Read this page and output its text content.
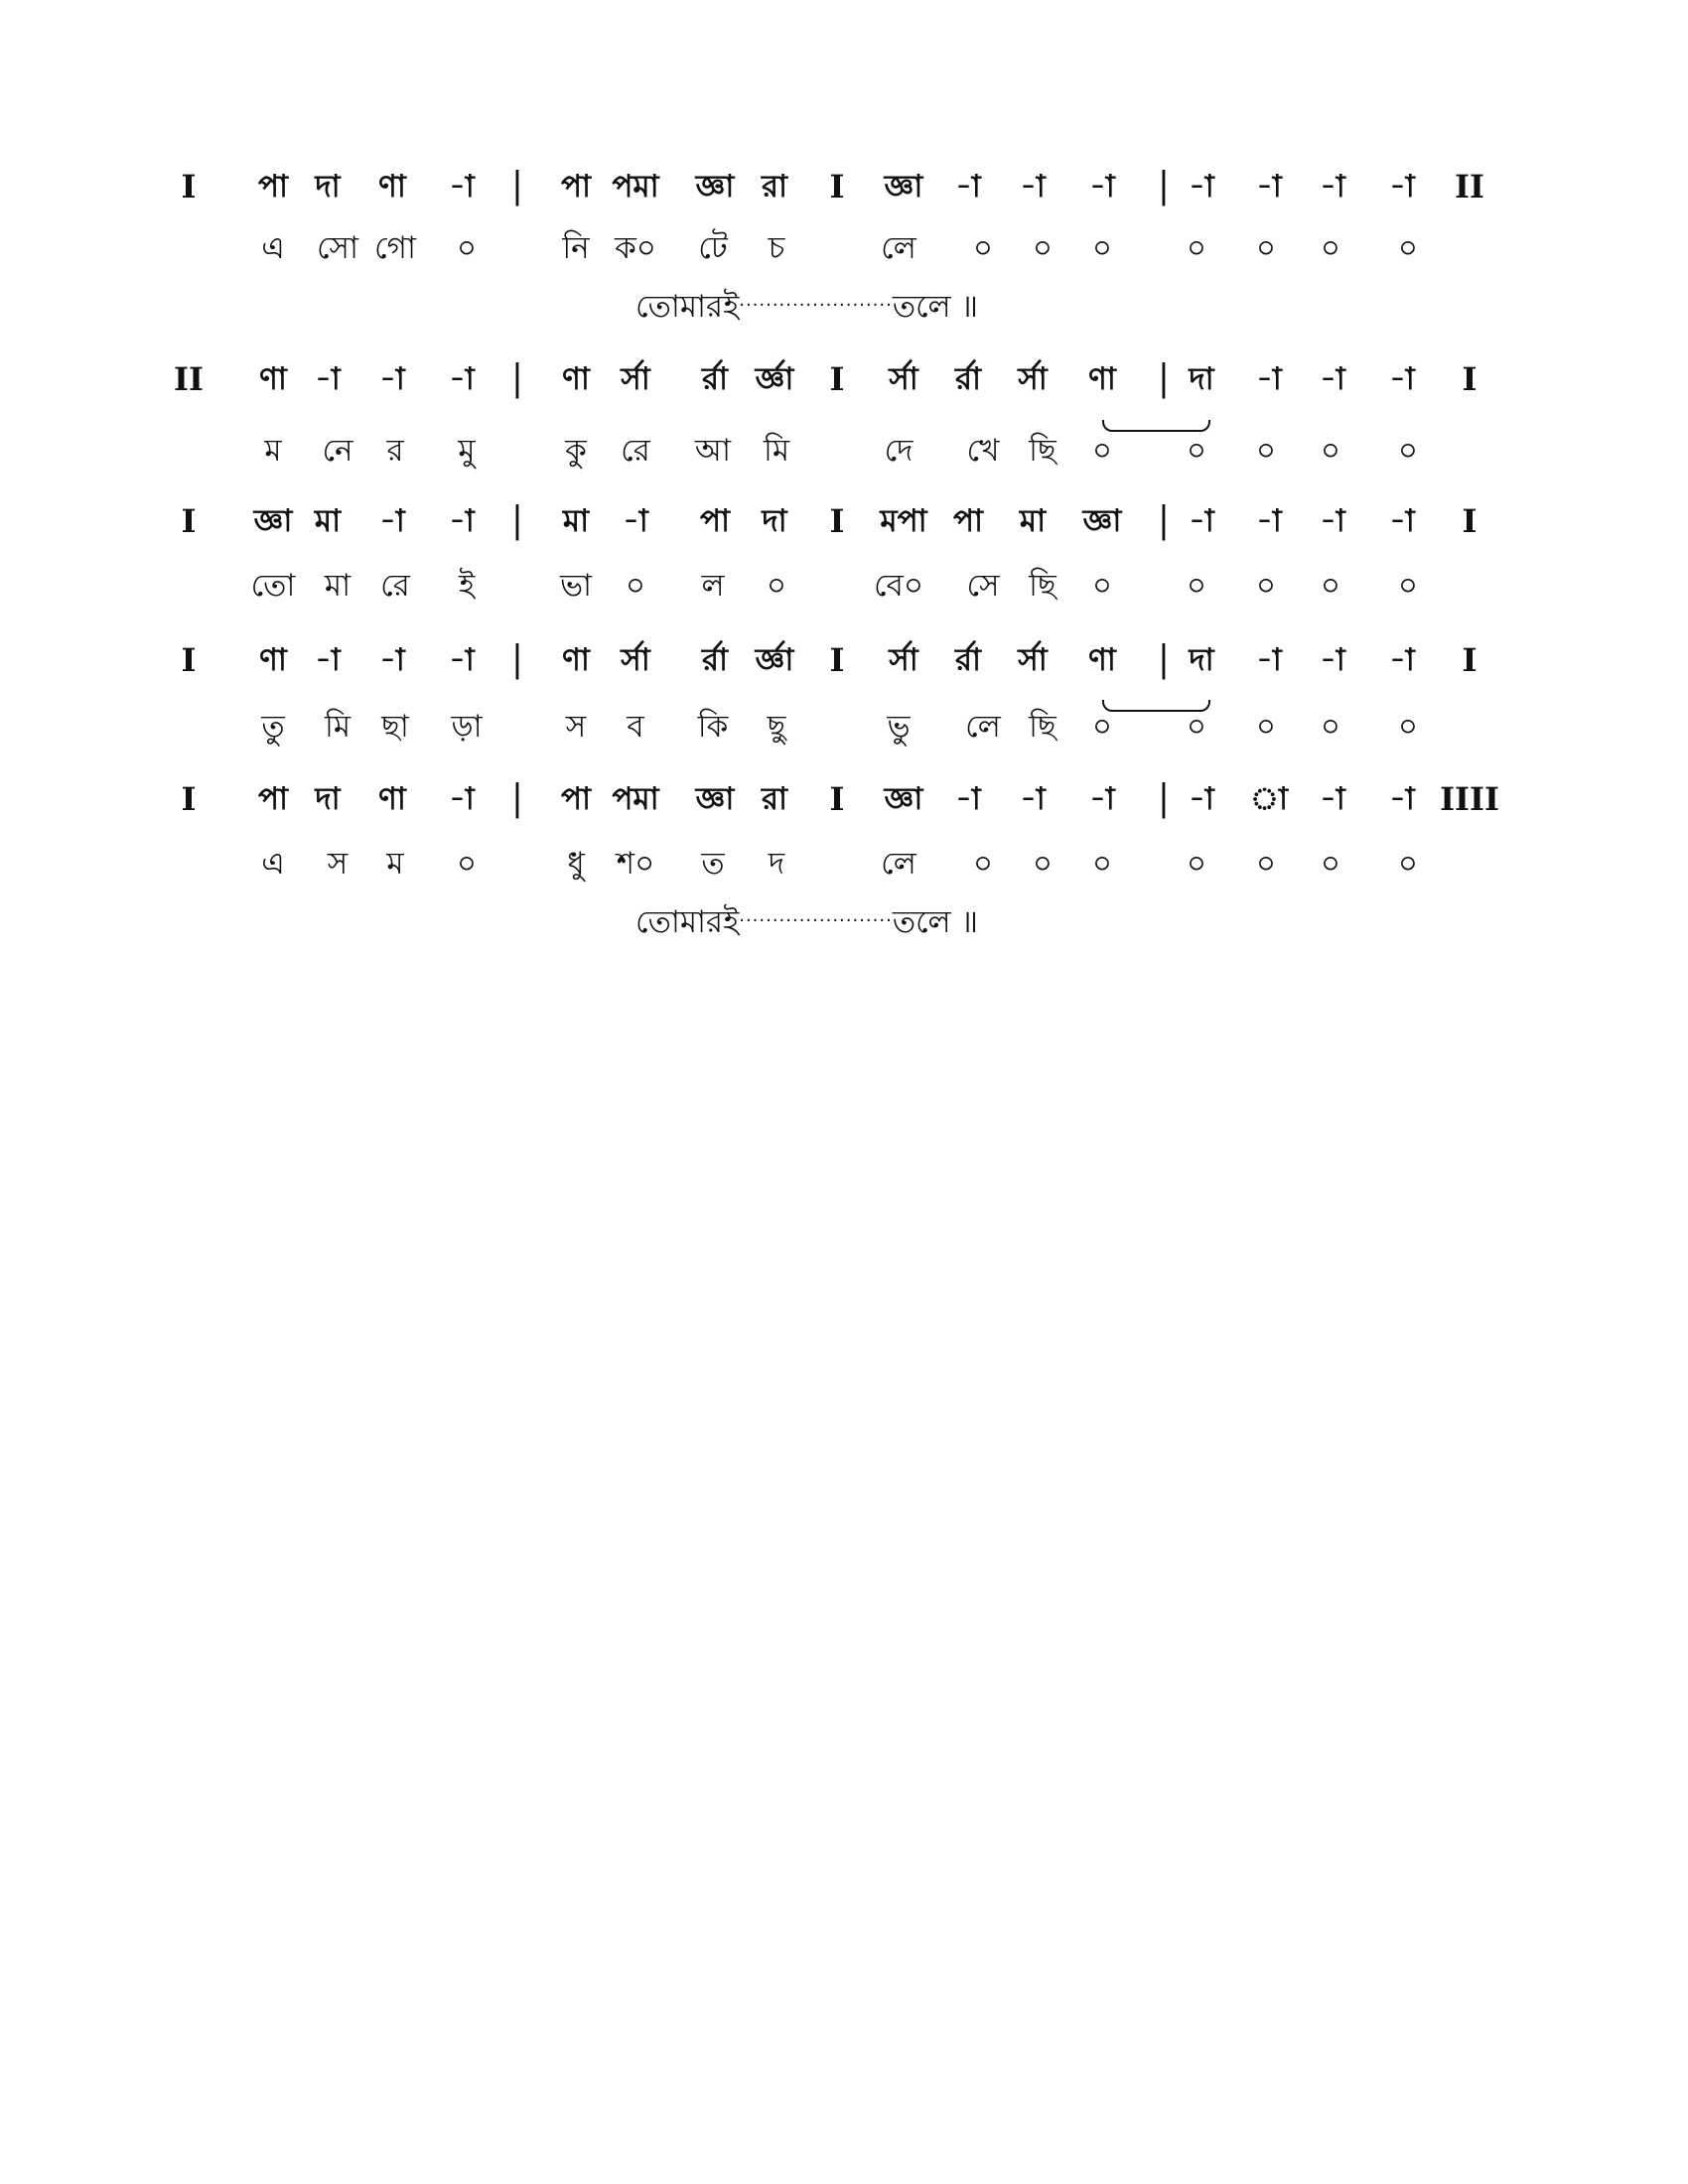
I পা দা ণা -া | পা পমা জ্ঞা রা I জ্ঞা -া -া -া | -া -া -া -া II
এ সো গো ০	নি ক০ টে চ	লে ০ ০ ০ ০ ০ ০ ০
তোমারই·······················তলে ॥
II ণা -া -া -া | ণা র্সা র্রা র্জ্ঞা I র্সা র্রা র্সা ণা | দা -া -া -া I
ম নে র মু	কু রে আ মি	দে খে ছি ০ ০ ০ ০ ০
I জ্ঞা মা -া -া | মা -া পা দা I মপা পা মা জ্ঞা | -া -া -া -া I
তো মা রে ই	ভা ০ ল ০	বে০ সে ছি ০ ০ ০ ০ ০
I ণা -া -া -া | ণা র্সা র্রা র্জ্ঞা I র্সা র্রা র্সা ণা | দা -া -া -া I
তু মি ছা ড়া	স ব কি ছু	ভু লে ছি ০ ০ ০ ০ ০
I পা দা ণা -া | পা পমা জ্ঞা রা I জ্ঞা -া -া -া | -া া -া -া IIII
এ স ম ০	ধু শ০ ত দ	লে ০ ০ ০ ০ ০ ০ ০
তোমারই·······················তলে ॥
